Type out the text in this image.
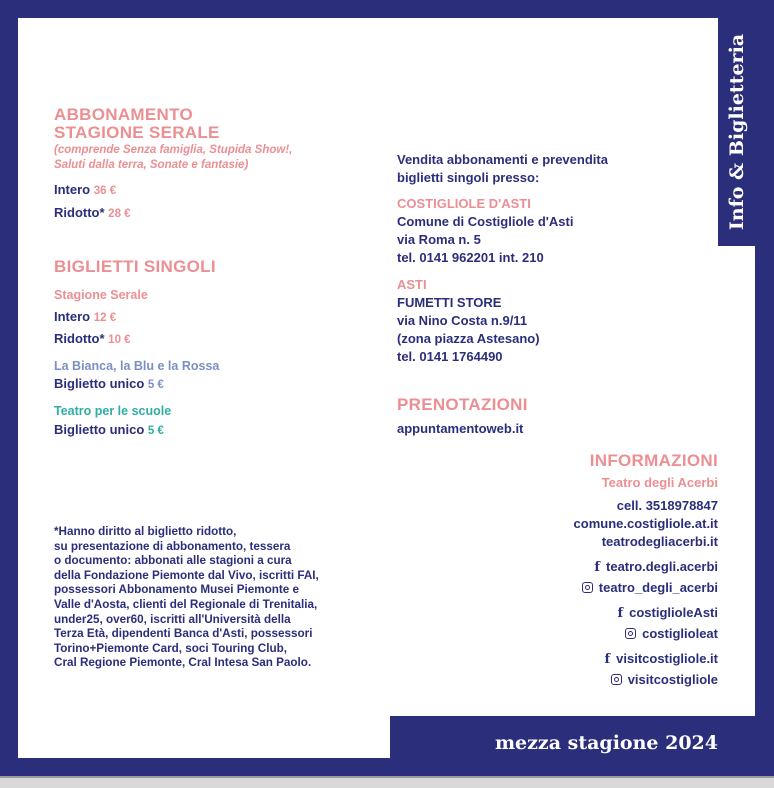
Info & Biglietteria
mezza stagione 2024
ABBONAMENTO
STAGIONE SERALE
(comprende Senza famiglia, Stupida Show!,
Saluti dalla terra, Sonate e fantasie)
Intero 36 €
Ridotto* 28 €
BIGLIETTI SINGOLI
Stagione Serale
Intero 12 €
Ridotto* 10 €
La Bianca, la Blu e la Rossa
Biglietto unico 5 €
Teatro per le scuole
Biglietto unico 5 €
*Hanno diritto al biglietto ridotto,
su presentazione di abbonamento, tessera
o documento: abbonati alle stagioni a cura
della Fondazione Piemonte dal Vivo, iscritti FAI,
possessori Abbonamento Musei Piemonte e
Valle d'Aosta, clienti del Regionale di Trenitalia,
under25, over60, iscritti all'Università della
Terza Età, dipendenti Banca d'Asti, possessori
Torino+Piemonte Card, soci Touring Club,
Cral Regione Piemonte, Cral Intesa San Paolo.
Vendita abbonamenti e prevendita
biglietti singoli presso:
COSTIGLIOLE D'ASTI
Comune di Costigliole d'Asti
via Roma n. 5
tel. 0141 962201 int. 210
ASTI
FUMETTI STORE
via Nino Costa n.9/11
(zona piazza Astesano)
tel. 0141 1764490
PRENOTAZIONI
appuntamentoweb.it
INFORMAZIONI
Teatro degli Acerbi
cell. 3518978847
comune.costigliole.at.it
teatrodegliacerbi.it
f teatro.degli.acerbi
teatro_degli_acerbi
f costiglioleAsti
costiglioleat
f visitcostigliole.it
visitcostigliole
